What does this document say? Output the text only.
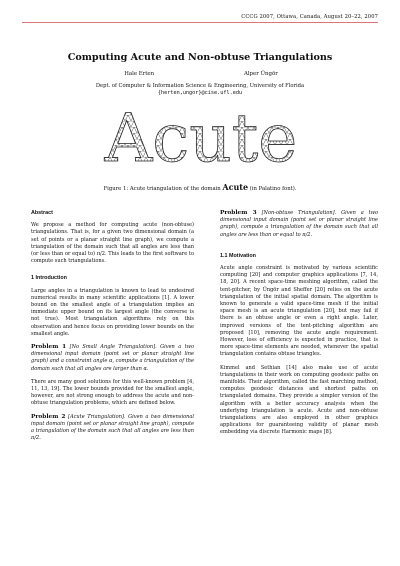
CCCG 2007, Ottawa, Canada, August 20–22, 2007
Computing Acute and Non-obtuse Triangulations
Hale Erten	Alper Üngör
Dept. of Computer & Information Science & Engineering, University of Florida
{herten,ungor}@cise.ufl.edu
Acute
Figure 1: Acute triangulation of the domain Acute (in Palatino font).
Abstract

We propose a method for computing acute (non-obtuse) triangulations. That is, for a given two dimensional domain (a set of points or a planar straight line graph), we compute a triangulation of the domain such that all angles are less than (or less than or equal to) π/2. This leads to the first software to compute such triangulations.

1 Introduction

Large angles in a triangulation is known to lead to undesired numerical results in many scientific applications [1]. A lower bound on the smallest angle of a triangulation implies an immediate upper bound on its largest angle (the converse is not true). Most triangulation algorithms rely on this observation and hence focus on providing lower bounds on the smallest angle.

Problem 1 [No Small Angle Triangulation]. Given a two dimensional input domain (point set or planar straight line graph) and a constraint angle α, compute a triangulation of the domain such that all angles are larger than α.

There are many good solutions for this well-known problem [4, 11, 13, 19]. The lower bounds provided for the smallest angle, however, are not strong enough to address the acute and non-obtuse triangulation problems, which are defined below.

Problem 2 [Acute Triangulation]. Given a two dimensional input domain (point set or planar straight line graph), compute a triangulation of the domain such that all angles are less than π/2.

Problem 3 [Non-obtuse Triangulation]. Given a two dimensional input domain (point set or planar straight line graph), compute a triangulation of the domain such that all angles are less than or equal to π/2.

1.1 Motivation

Acute angle constraint is motivated by various scientific computing [20] and computer graphics applications [7, 14, 18, 20]. A recent space-time meshing algorithm, called the tent-pitcher, by Üngör and Sheffer [20] relies on the acute triangulation of the initial spatial domain. The algorithm is known to generate a valid space-time mesh if the initial space mesh is an acute triangulation [20], but may fail if there is an obtuse angle or even a right angle. Later, improved versions of the tent-pitching algorithm are proposed [10], removing the acute angle requirement. However, loss of efficiency is expected in practice, that is more space-time elements are needed, whenever the spatial triangulation contains obtuse triangles.

Kimmel and Sethian [14] also make use of acute triangulations in their work on computing geodesic paths on manifolds. Their algorithm, called the fast marching method, computes geodesic distances and shortest paths on triangulated domains. They provide a simpler version of the algorithm with a better accuracy analysis when the underlying triangulation is acute. Acute and non-obtuse triangulations are also employed in other graphics applications for guaranteeing validity of planar mesh embedding via discrete Harmonic maps [8].
